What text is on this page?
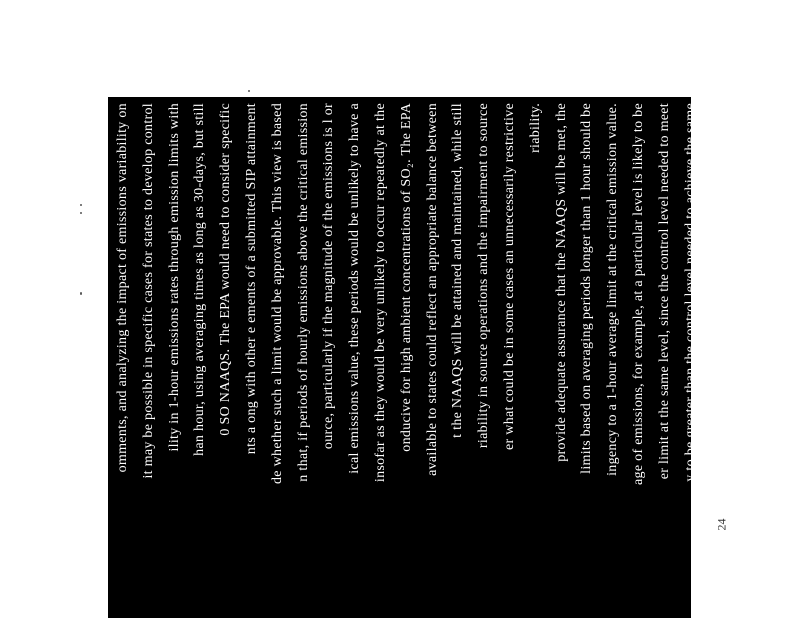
omments, and analyzing the impact of emissions variability on it may be possible in specific cases for states to develop control ility in 1-hour emissions rates through emission limits with han hour, using averaging times as long as 30-days, but still 0 SO NAAQS. The EPA would need to consider specific nts a ong with other e ements of a submitted SIP attainment de whether such a limit would be approvable. This view is based n that, if periods of hourly emissions above the critical emission ource, particularly if the magnitude of the emissions is l or ical emissions value, these periods would be unlikely to have a insofar as they would be very unlikely to occur repeatedly at the onducive for high ambient concentrations of SO₂. The EPA available to states could reflect an appropriate balance between t the NAAQS will be attained and maintained, while still riability in source operations and the impairment to source er what could be in some cases an unnecessarily restrictive riability. provide adequate assurance that the NAAQS will be met, the limits based on averaging periods longer than 1 hour should be ingency to a 1-hour average limit at the critical emission value. age of emissions, for example, at a particular level is likely to be er limit at the same level, since the control level needed to meet y to be greater than the control level needed to achieve the same
24
